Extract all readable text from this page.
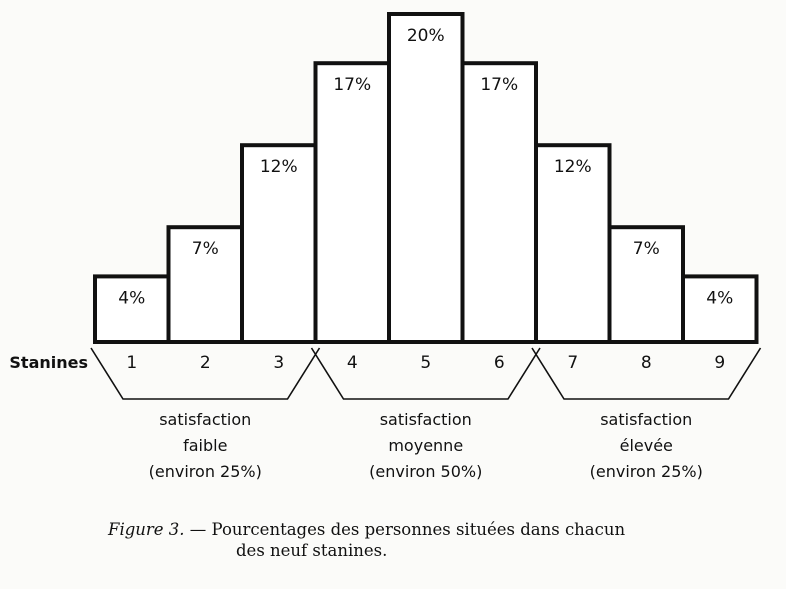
4%
7%
12%
17%
20%
17%
12%
7%
4%
1	2	3	4	5	6	7	8	9
Stanines
satisfaction
faible
(environ 25%)
satisfaction
moyenne
(environ 50%)
satisfaction
élevée
(environ 25%)
Figure 3. — Pourcentages des personnes situées dans chacun
des neuf stanines.
